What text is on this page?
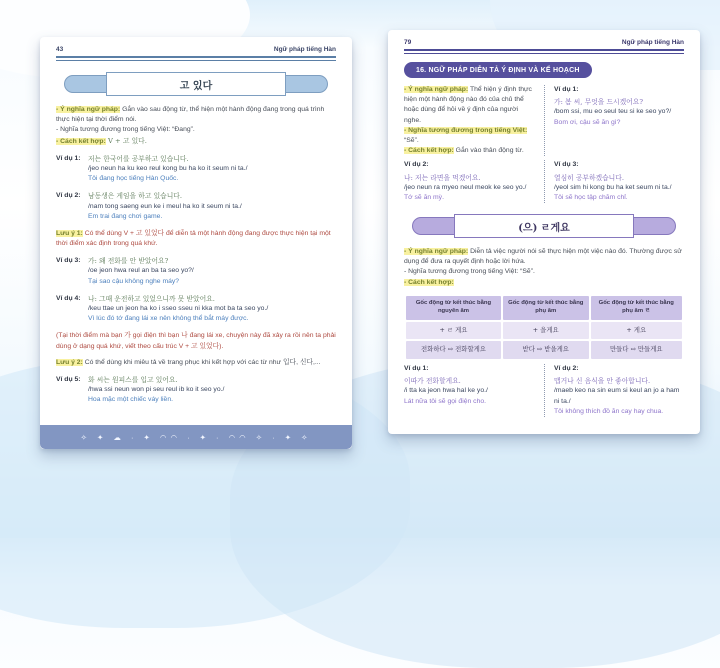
43	Ngữ pháp tiếng Hàn
고 있다
- Ý nghĩa ngữ pháp: Gắn vào sau động từ, thể hiện một hành động đang trong quá trình thực hiện tại thời điểm nói.
- Nghĩa tương đương trong tiếng Việt: “Đang”.
- Cách kết hợp: V + 고 있다.
Ví dụ 1: 저는 한국어를 공부하고 있습니다.
/jeo neun ha ku keo reul kong bu ha ko it seum ni ta./
Tôi đang học tiếng Hàn Quốc.
Ví dụ 2: 남동생은 게임을 하고 있습니다.
/nam tong saeng eun ke i meul ha ko it seum ni ta./
Em trai đang chơi game.
Lưu ý 1: Có thể dùng V + 고 있었다 để diễn tả một hành động đang được thực hiện tại một thời điểm xác định trong quá khứ.
Ví dụ 3: 가: 왜 전화를 안 받았어요?
/oe jeon hwa reul an ba ta seo yo?/
Tại sao cậu không nghe máy?
Ví dụ 4: 나: 그때 운전하고 있었으니까 못 받았어요.
/keu ttae un jeon ha ko i sseo sseu ni kka mot ba ta seo yo./
Vì lúc đó tớ đang lái xe nên không thể bắt máy được.
(Tại thời điểm mà bạn 가 gọi điện thì bạn 나 đang lái xe, chuyện này đã xảy ra rồi nên ta phải dùng ở dạng quá khứ, viết theo cấu trúc V + 고 있었다).
Lưu ý 2: Có thể dùng khi miêu tả về trang phục khi kết hợp với các từ như 입다, 신다,...
Ví dụ 5: 화 씨는 원피스를 입고 있어요.
/hwa ssi neun won pi seu reul ib ko it seo yo./
Hoa mặc một chiếc váy liền.
✧ ✦ ☁ · ✦ ◠◠ · ✦ · ◠◠ ✧ · ✦ ✧
79	Ngữ pháp tiếng Hàn
16. NGỮ PHÁP DIỄN TẢ Ý ĐỊNH VÀ KẾ HOẠCH
- Ý nghĩa ngữ pháp: Thể hiện ý định thực hiện một hành động nào đó của chủ thể hoặc dùng để hỏi về ý định của người nghe.
- Nghĩa tương đương trong tiếng Việt: “Sẽ”.
- Cách kết hợp: Gắn vào thân động từ.
Ví dụ 1:
가: 봄 씨, 무엇을 드시겠어요?
/bom ssi, mu eo seul teu si ke seo yo?/
Bom ơi, cậu sẽ ăn gì?
Ví dụ 2:
나: 저는 라면을 먹겠어요.
/jeo neun ra myeo neul meok ke seo yo./
Tớ sẽ ăn mỳ.
Ví dụ 3:
열심히 공부하겠습니다.
/yeol sim hi kong bu ha ket seum ni ta./
Tôi sẽ học tập chăm chỉ.
(으) ㄹ게요
- Ý nghĩa ngữ pháp: Diễn tả việc người nói sẽ thực hiện một việc nào đó. Thường được sử dụng để đưa ra quyết định hoặc lời hứa.
- Nghĩa tương đương trong tiếng Việt: “Sẽ”.
- Cách kết hợp:
Gốc động từ kết thúc bằng nguyên âm	Gốc động từ kết thúc bằng phụ âm	Gốc động từ kết thúc bằng phụ âm ㄹ
+ ㄹ 게요	+ 을게요	+ 게요
전화하다 ⇨ 전화할게요	받다 ⇨ 받을게요	만들다 ⇨ 만들게요
Ví dụ 1:
이따가 전화할게요.
/i tta ka jeon hwa hal ke yo./
Lát nữa tôi sẽ gọi điện cho.
Ví dụ 2:
맵거나 신 음식을 안 좋아합니다.
/maeb keo na sin eum si keul an jo a ham ni ta./
Tôi không thích đồ ăn cay hay chua.
